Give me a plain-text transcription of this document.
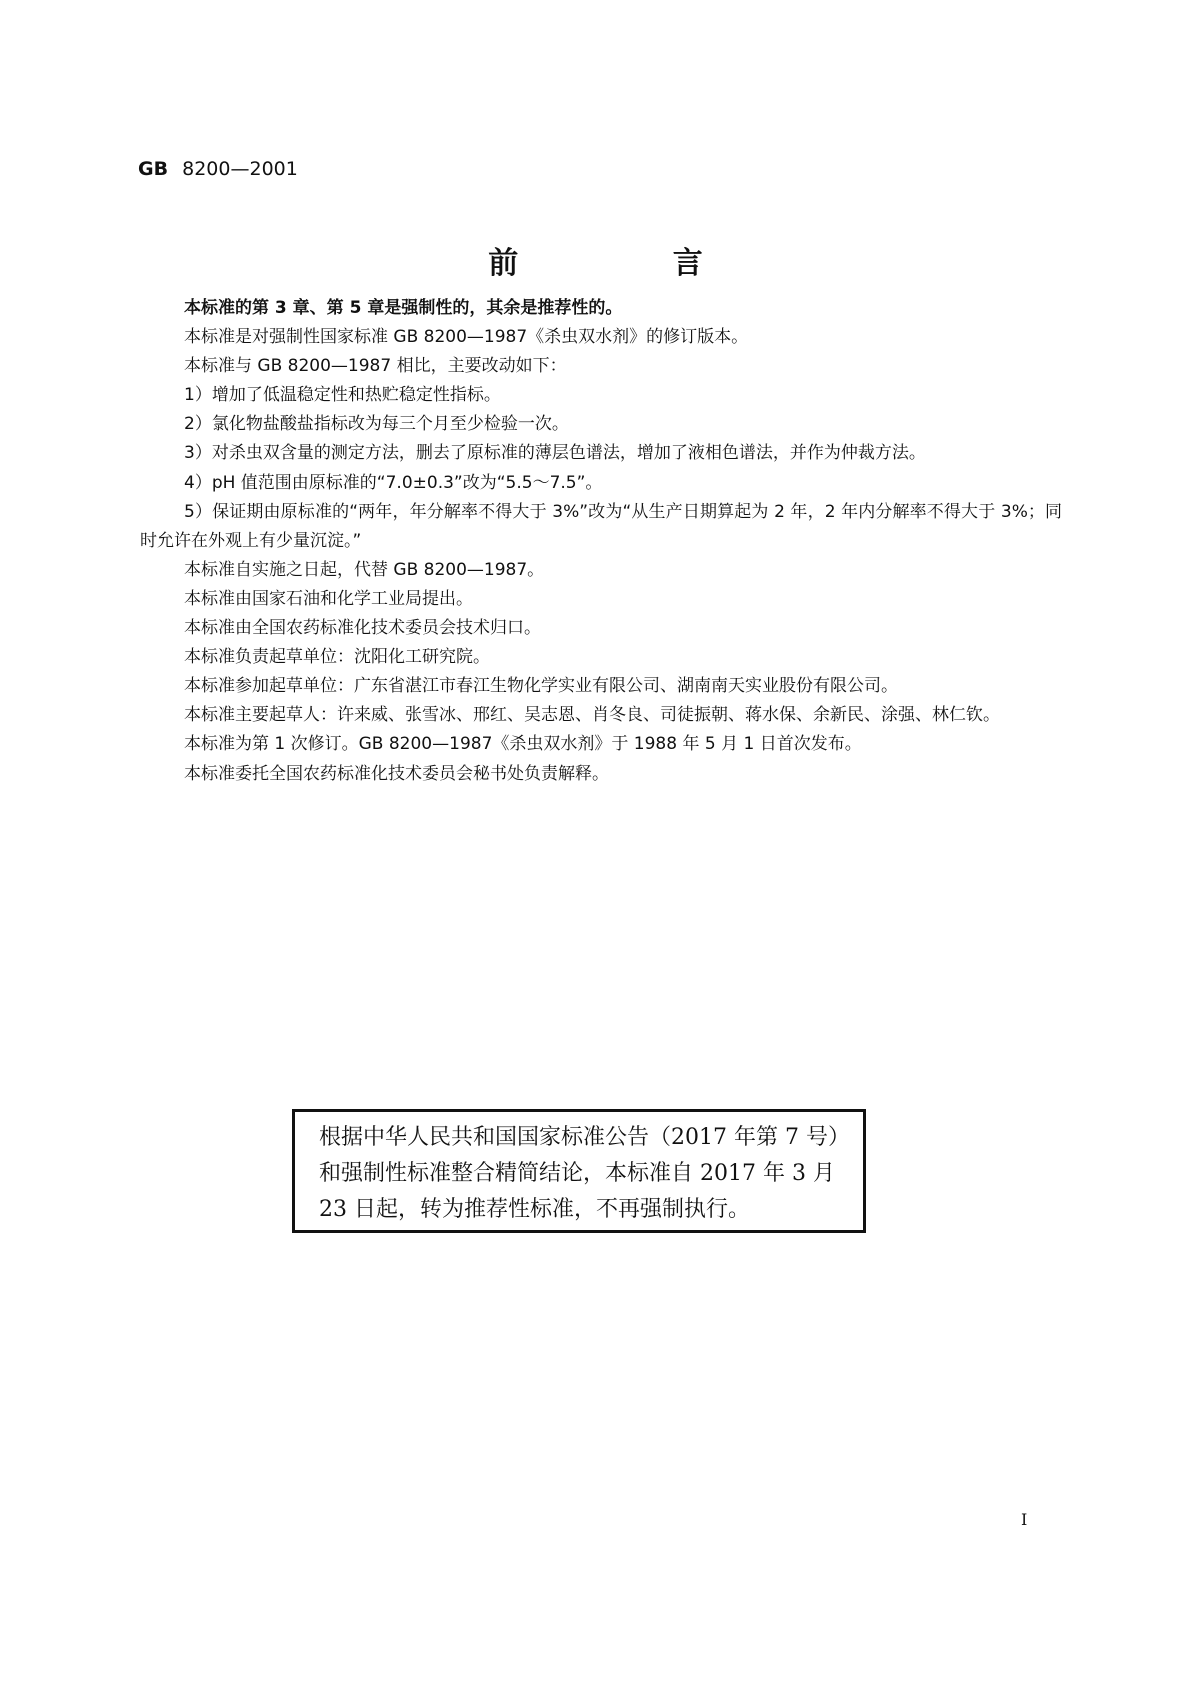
GB 8200—2001
前 言

本标准的第 3 章、第 5 章是强制性的，其余是推荐性的。

本标准是对强制性国家标准 GB 8200—1987《杀虫双水剂》的修订版本。

本标准与 GB 8200—1987 相比，主要改动如下：

1）增加了低温稳定性和热贮稳定性指标。

2）氯化物盐酸盐指标改为每三个月至少检验一次。

3）对杀虫双含量的测定方法，删去了原标准的薄层色谱法，增加了液相色谱法，并作为仲裁方法。

4）pH 值范围由原标准的“7.0±0.3”改为“5.5～7.5”。

5）保证期由原标准的“两年，年分解率不得大于 3%”改为“从生产日期算起为 2 年，2 年内分解率不得大于 3%；同时允许在外观上有少量沉淀。”

本标准自实施之日起，代替 GB 8200—1987。

本标准由国家石油和化学工业局提出。

本标准由全国农药标准化技术委员会技术归口。

本标准负责起草单位：沈阳化工研究院。

本标准参加起草单位：广东省湛江市春江生物化学实业有限公司、湖南南天实业股份有限公司。

本标准主要起草人：许来威、张雪冰、邢红、吴志恩、肖冬良、司徒振朝、蒋水保、余新民、涂强、林仁钦。

本标准为第 1 次修订。GB 8200—1987《杀虫双水剂》于 1988 年 5 月 1 日首次发布。

本标准委托全国农药标准化技术委员会秘书处负责解释。

根据中华人民共和国国家标准公告（2017 年第 7 号）和强制性标准整合精简结论，本标准自 2017 年 3 月 23 日起，转为推荐性标准，不再强制执行。
I
